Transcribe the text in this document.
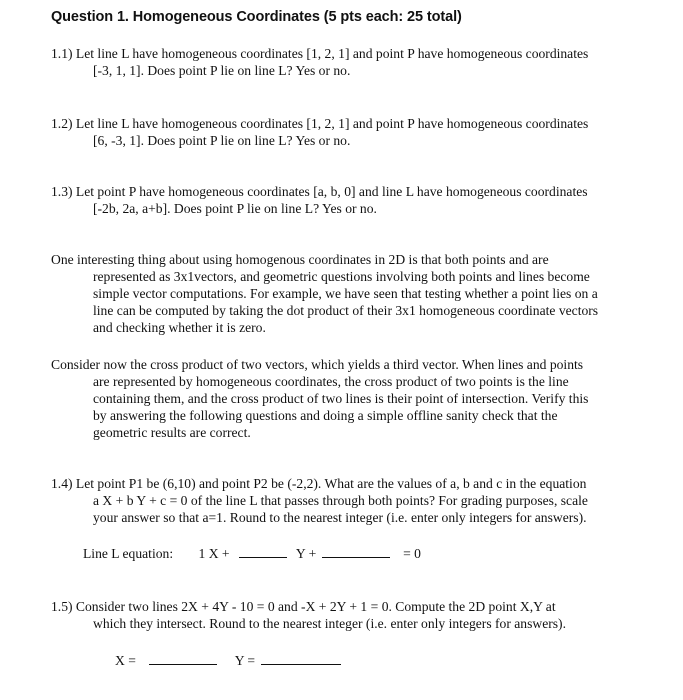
Question 1. Homogeneous Coordinates (5 pts each: 25 total)
1.1) Let line L have homogeneous coordinates [1, 2, 1] and point P have homogeneous coordinates
[-3, 1, 1]. Does point P lie on line L? Yes or no.
1.2) Let line L have homogeneous coordinates [1, 2, 1] and point P have homogeneous coordinates
[6, -3, 1]. Does point P lie on line L? Yes or no.
1.3) Let point P have homogeneous coordinates [a, b, 0] and line L have homogeneous coordinates
[-2b, 2a, a+b]. Does point P lie on line L? Yes or no.
One interesting thing about using homogenous coordinates in 2D is that both points and are
represented as 3x1vectors, and geometric questions involving both points and lines become
simple vector computations. For example, we have seen that testing whether a point lies on a
line can be computed by taking the dot product of their 3x1 homogeneous coordinate vectors
and checking whether it is zero.
Consider now the cross product of two vectors, which yields a third vector. When lines and points
are represented by homogeneous coordinates, the cross product of two points is the line
containing them, and the cross product of two lines is their point of intersection. Verify this
by answering the following questions and doing a simple offline sanity check that the
geometric results are correct.
1.4) Let point P1 be (6,10) and point P2 be (-2,2). What are the values of a, b and c in the equation
a X + b Y + c = 0 of the line L that passes through both points? For grading purposes, scale
your answer so that a=1. Round to the nearest integer (i.e. enter only integers for answers).
Line L equation: 1 X +	Y +	= 0
1.5) Consider two lines 2X + 4Y - 10 = 0 and -X + 2Y + 1 = 0. Compute the 2D point X,Y at
which they intersect. Round to the nearest integer (i.e. enter only integers for answers).
X =	Y =
